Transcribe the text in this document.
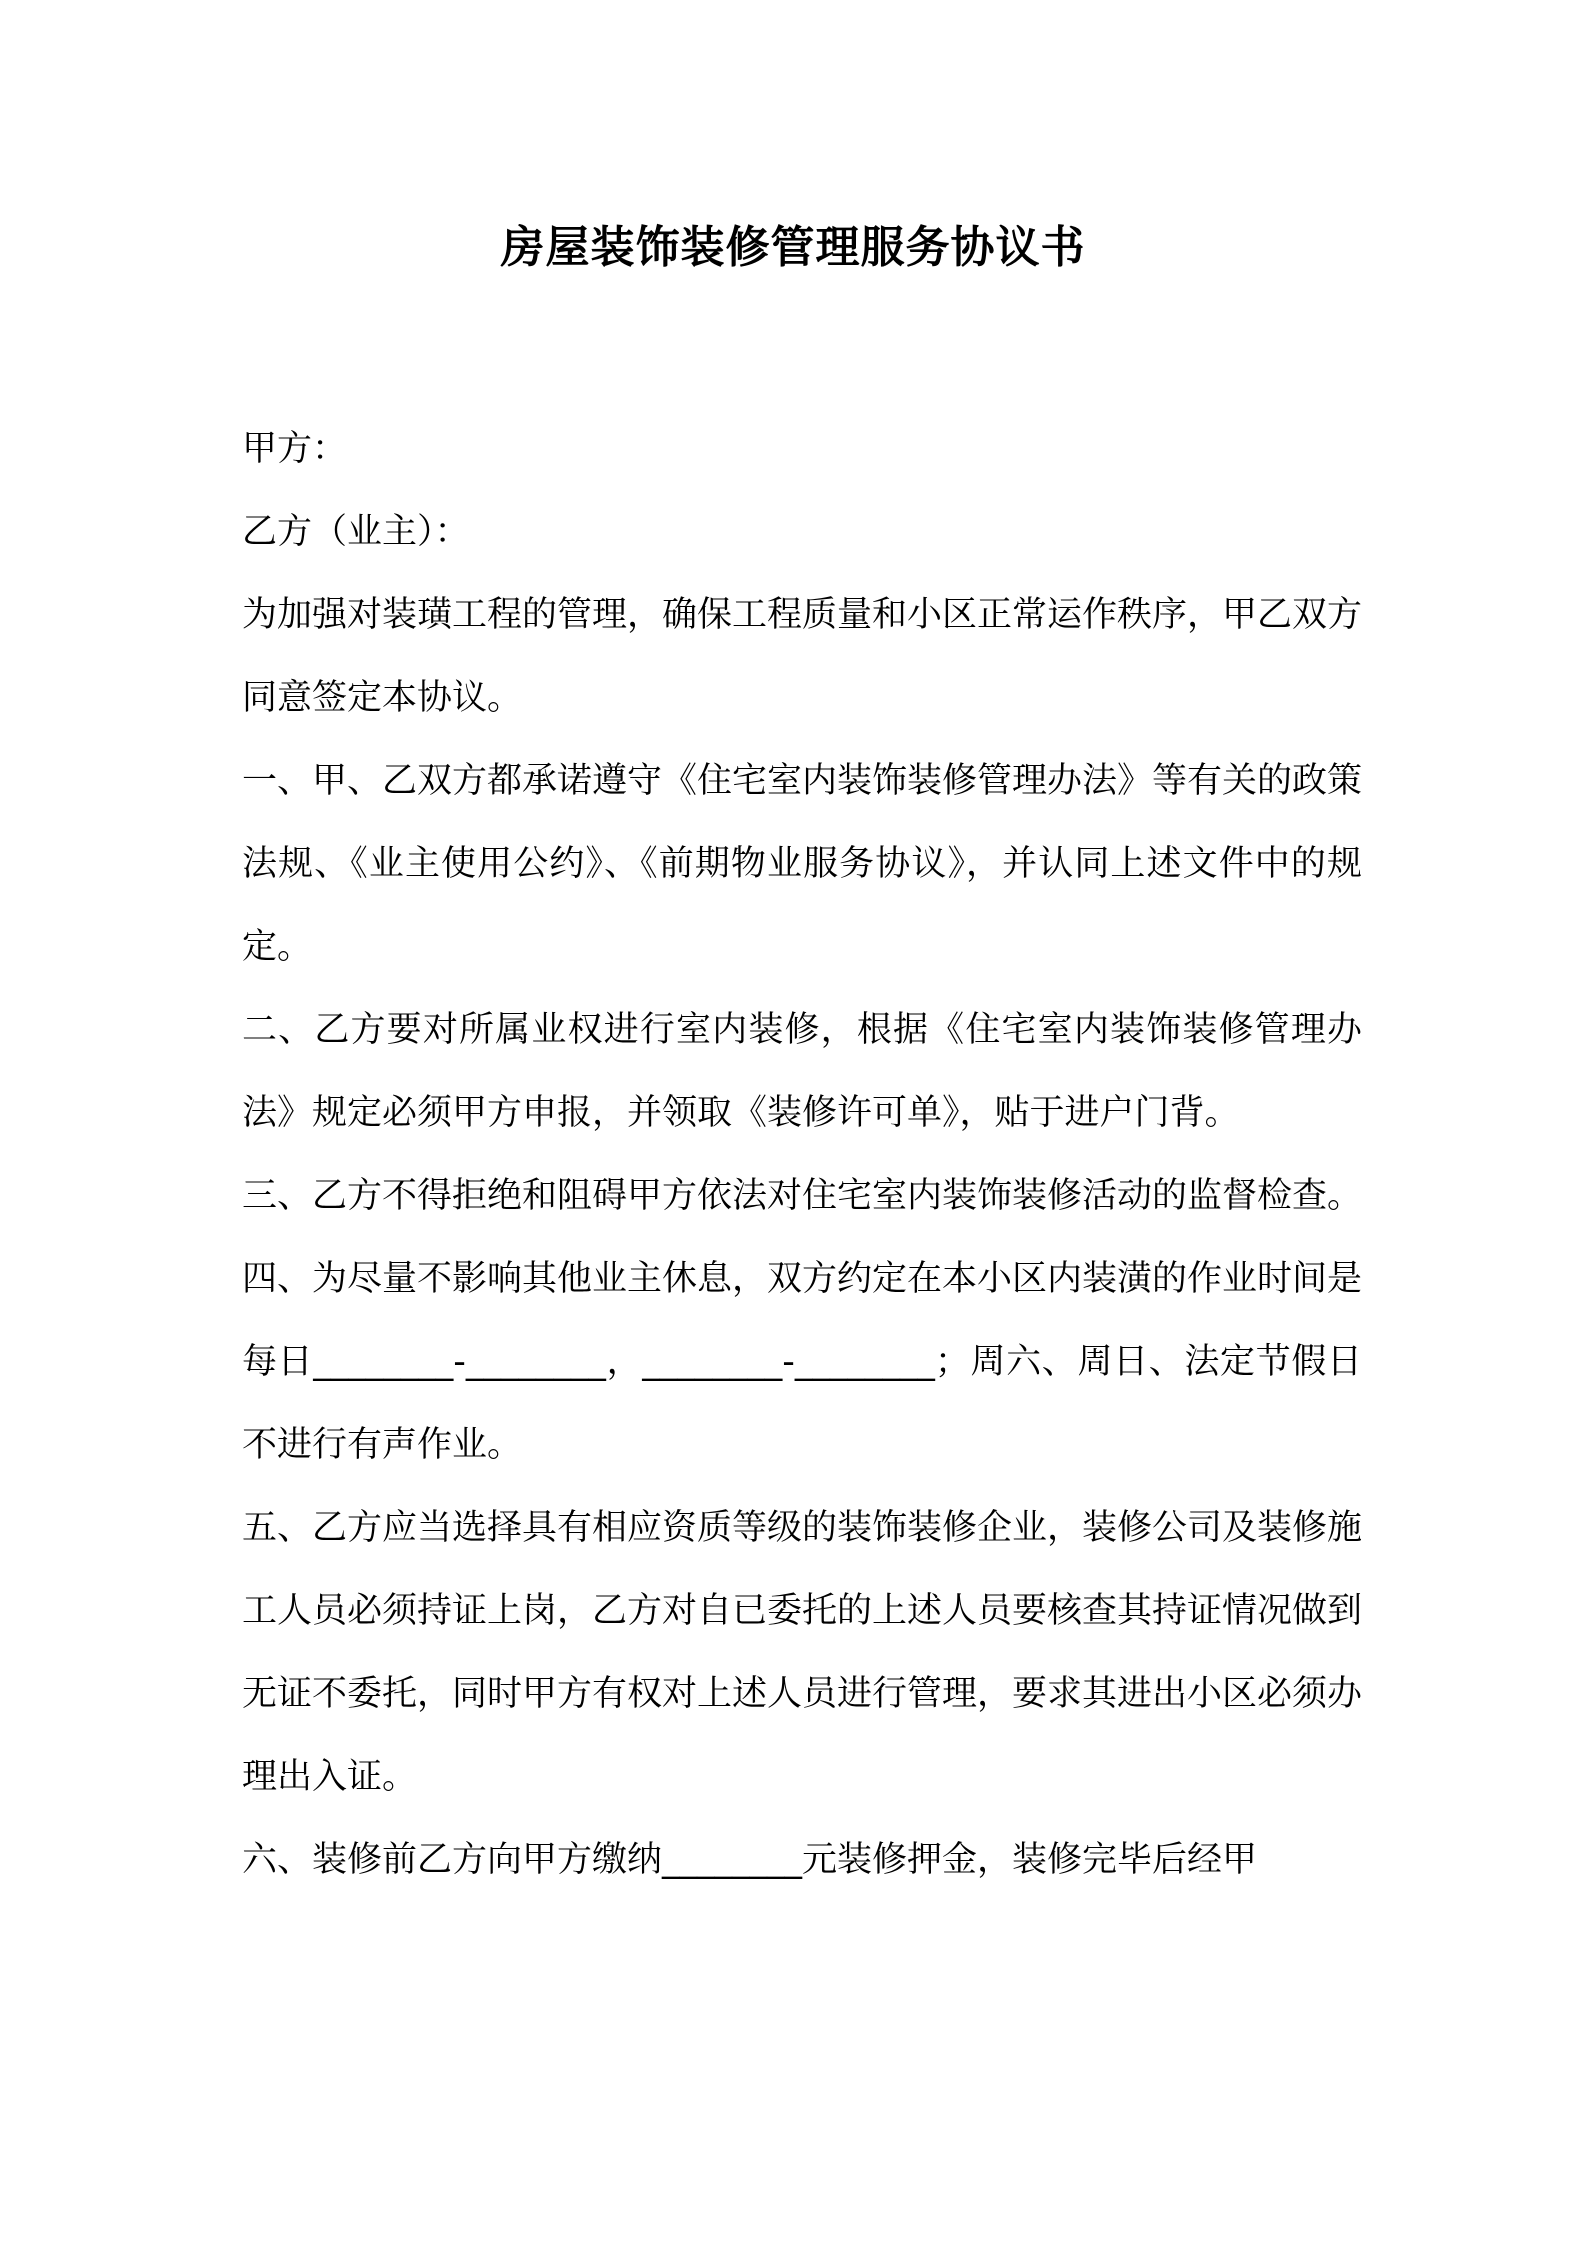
房屋装饰装修管理服务协议书

甲方：

乙方（业主）：

为加强对装璜工程的管理，确保工程质量和小区正常运作秩序，甲乙双方同意签定本协议。

一、甲、乙双方都承诺遵守《住宅室内装饰装修管理办法》等有关的政策法规、《业主使用公约》、《前期物业服务协议》，并认同上述文件中的规定。

二、乙方要对所属业权进行室内装修，根据《住宅室内装饰装修管理办法》规定必须甲方申报，并领取《装修许可单》，贴于进户门背。

三、乙方不得拒绝和阻碍甲方依法对住宅室内装饰装修活动的监督检查。

四、为尽量不影响其他业主休息，双方约定在本小区内装潢的作业时间是每日________-________，________-________；周六、周日、法定节假日不进行有声作业。

五、乙方应当选择具有相应资质等级的装饰装修企业，装修公司及装修施工人员必须持证上岗，乙方对自已委托的上述人员要核查其持证情况做到无证不委托，同时甲方有权对上述人员进行管理，要求其进出小区必须办理出入证。

六、装修前乙方向甲方缴纳________元装修押金，装修完毕后经甲
